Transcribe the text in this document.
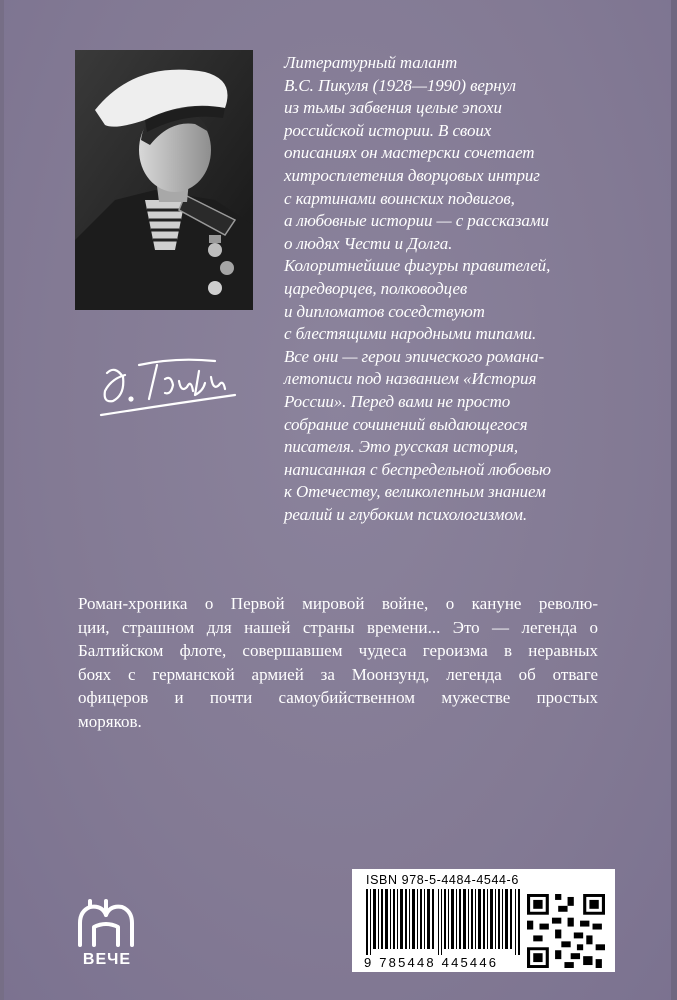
Литературный талант
В.С. Пикуля (1928—1990) вернул
из тьмы забвения целые эпохи
российской истории. В своих
описаниях он мастерски сочетает
хитросплетения дворцовых интриг
с картинами воинских подвигов,
а любовные истории — с рассказами
о людях Чести и Долга.
Колоритнейшие фигуры правителей,
царедворцев, полководцев
и дипломатов соседствуют
с блестящими народными типами.
Все они — герои эпического романа-
летописи под названием «История
России». Перед вами не просто
собрание сочинений выдающегося
писателя. Это русская история,
написанная с беспредельной любовью
к Отечеству, великолепным знанием
реалий и глубоким психологизмом.
Роман-хроника о Первой мировой войне, о кануне револю-
ции, страшном для нашей страны времени... Это — легенда о
Балтийском флоте, совершавшем чудеса героизма в неравных
боях с германской армией за Моонзунд, легенда об отваге
офицеров и почти самоубийственном мужестве простых
моряков.
ВЕЧЕ
ISBN 978-5-4484-4544-6
9 785448 445446
